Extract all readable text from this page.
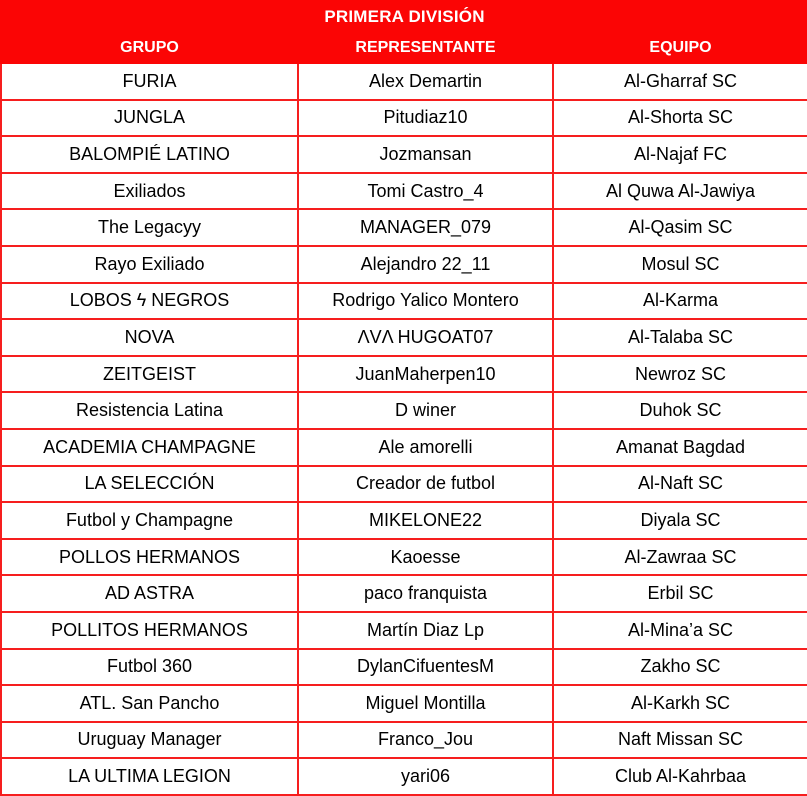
PRIMERA DIVISIÓN		
GRUPO	REPRESENTANTE	EQUIPO
FURIA	Alex Demartin	Al-Gharraf SC
JUNGLA	Pitudiaz10	Al-Shorta SC
BALOMPIÉ LATINO	Jozmansan	Al-Najaf FC
Exiliados	Tomi Castro_4	Al Quwa Al-Jawiya
The Legacyy	MANAGER_079	Al-Qasim SC
Rayo Exiliado	Alejandro 22_11	Mosul SC
LOBOS ϟ NEGROS	Rodrigo Yalico Montero	Al-Karma
NOVA	ΛVΛ HUGOAT07	Al-Talaba SC
ZEITGEIST	JuanMaherpen10	Newroz SC
Resistencia Latina	D winer	Duhok SC
ACADEMIA CHAMPAGNE	Ale amorelli	Amanat Bagdad
LA SELECCIÓN	Creador de futbol	Al-Naft SC
Futbol y Champagne	MIKELONE22	Diyala SC
POLLOS HERMANOS	Kaoesse	Al-Zawraa SC
AD ASTRA	paco franquista	Erbil SC
POLLITOS HERMANOS	Martín Diaz Lp	Al-Mina’a SC
Futbol 360	DylanCifuentesM	Zakho SC
ATL. San Pancho	Miguel Montilla	Al-Karkh SC
Uruguay Manager	Franco_Jou	Naft Missan SC
LA ULTIMA LEGION	yari06	Club Al-Kahrbaa
